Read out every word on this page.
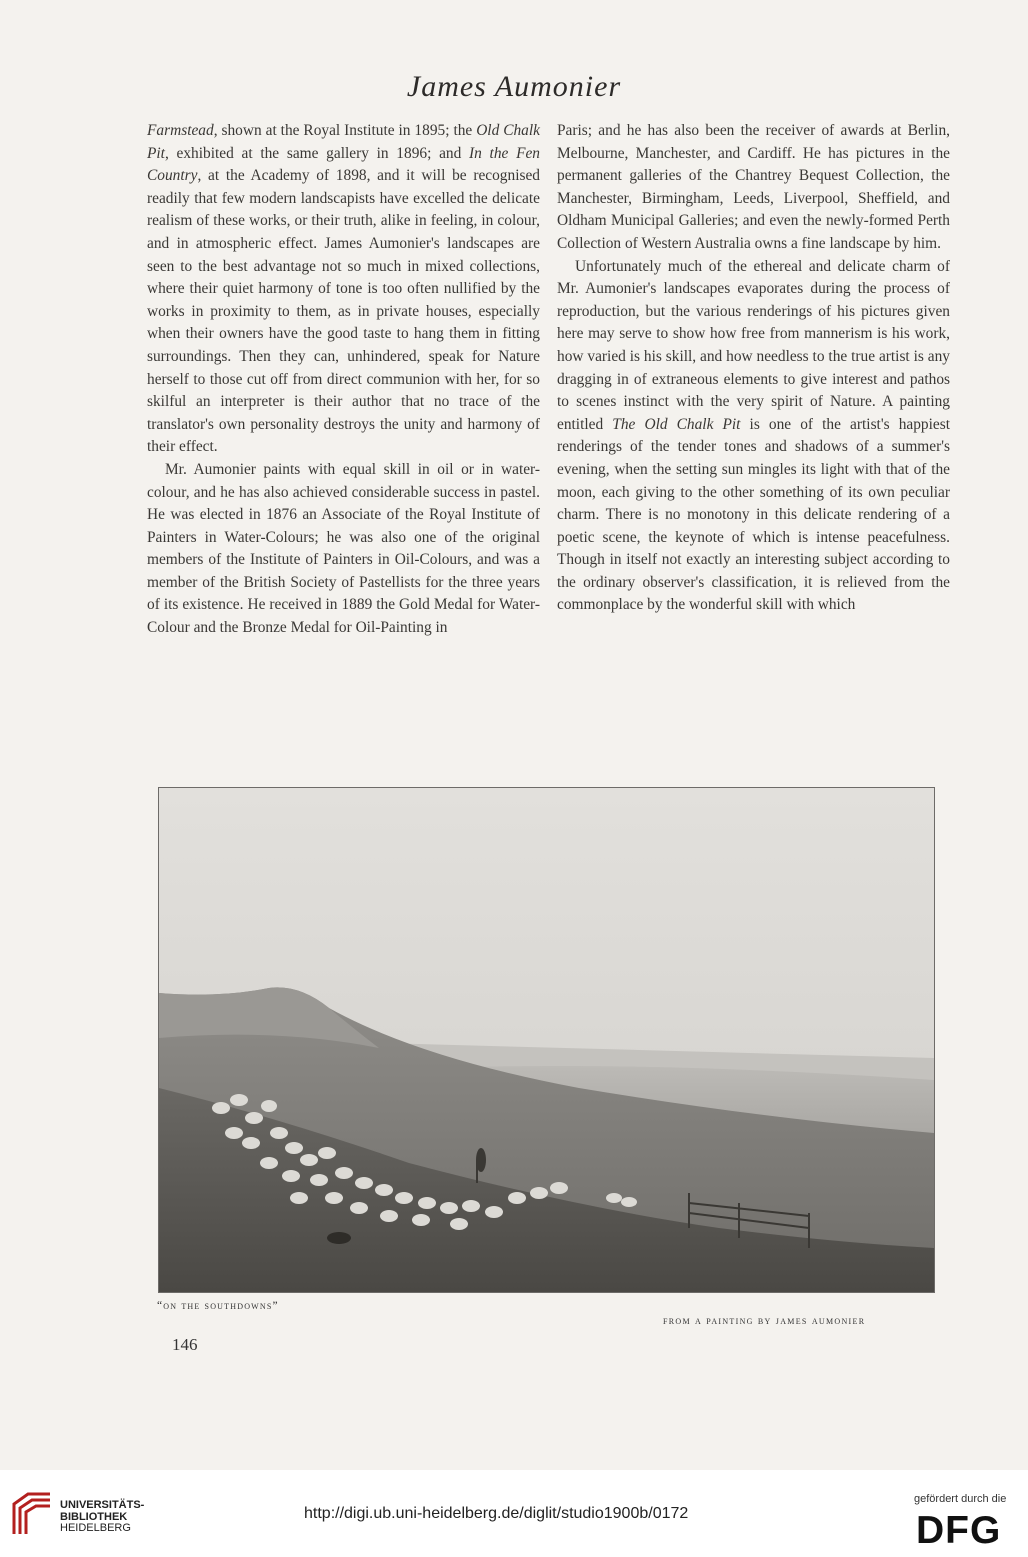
James Aumonier

Farmstead, shown at the Royal Institute in 1895; the Old Chalk Pit, exhibited at the same gallery in 1896; and In the Fen Country, at the Academy of 1898, and it will be recognised readily that few modern landscapists have excelled the delicate realism of these works, or their truth, alike in feeling, in colour, and in atmospheric effect. James Aumonier's landscapes are seen to the best advantage not so much in mixed collections, where their quiet harmony of tone is too often nullified by the works in proximity to them, as in private houses, especially when their owners have the good taste to hang them in fitting surroundings. Then they can, unhindered, speak for Nature herself to those cut off from direct communion with her, for so skilful an interpreter is their author that no trace of the translator's own personality destroys the unity and harmony of their effect.

Mr. Aumonier paints with equal skill in oil or in water-colour, and he has also achieved considerable success in pastel. He was elected in 1876 an Associate of the Royal Institute of Painters in Water-Colours; he was also one of the original members of the Institute of Painters in Oil-Colours, and was a member of the British Society of Pastellists for the three years of its existence. He received in 1889 the Gold Medal for Water-Colour and the Bronze Medal for Oil-Painting in

Paris; and he has also been the receiver of awards at Berlin, Melbourne, Manchester, and Cardiff. He has pictures in the permanent galleries of the Chantrey Bequest Collection, the Manchester, Birmingham, Leeds, Liverpool, Sheffield, and Oldham Municipal Galleries; and even the newly-formed Perth Collection of Western Australia owns a fine landscape by him.

Unfortunately much of the ethereal and delicate charm of Mr. Aumonier's landscapes evaporates during the process of reproduction, but the various renderings of his pictures given here may serve to show how free from mannerism is his work, how varied is his skill, and how needless to the true artist is any dragging in of extraneous elements to give interest and pathos to scenes instinct with the very spirit of Nature. A painting entitled The Old Chalk Pit is one of the artist's happiest renderings of the tender tones and shadows of a summer's evening, when the setting sun mingles its light with that of the moon, each giving to the other something of its own peculiar charm. There is no monotony in this delicate rendering of a poetic scene, the keynote of which is intense peacefulness. Though in itself not exactly an interesting subject according to the ordinary observer's classification, it is relieved from the commonplace by the wonderful skill with which

“on the southdowns”
from a painting by james aumonier
146
UNIVERSITÄTS-
BIBLIOTHEK
HEIDELBERG
http://digi.ub.uni-heidelberg.de/diglit/studio1900b/0172
gefördert durch die
DFG
